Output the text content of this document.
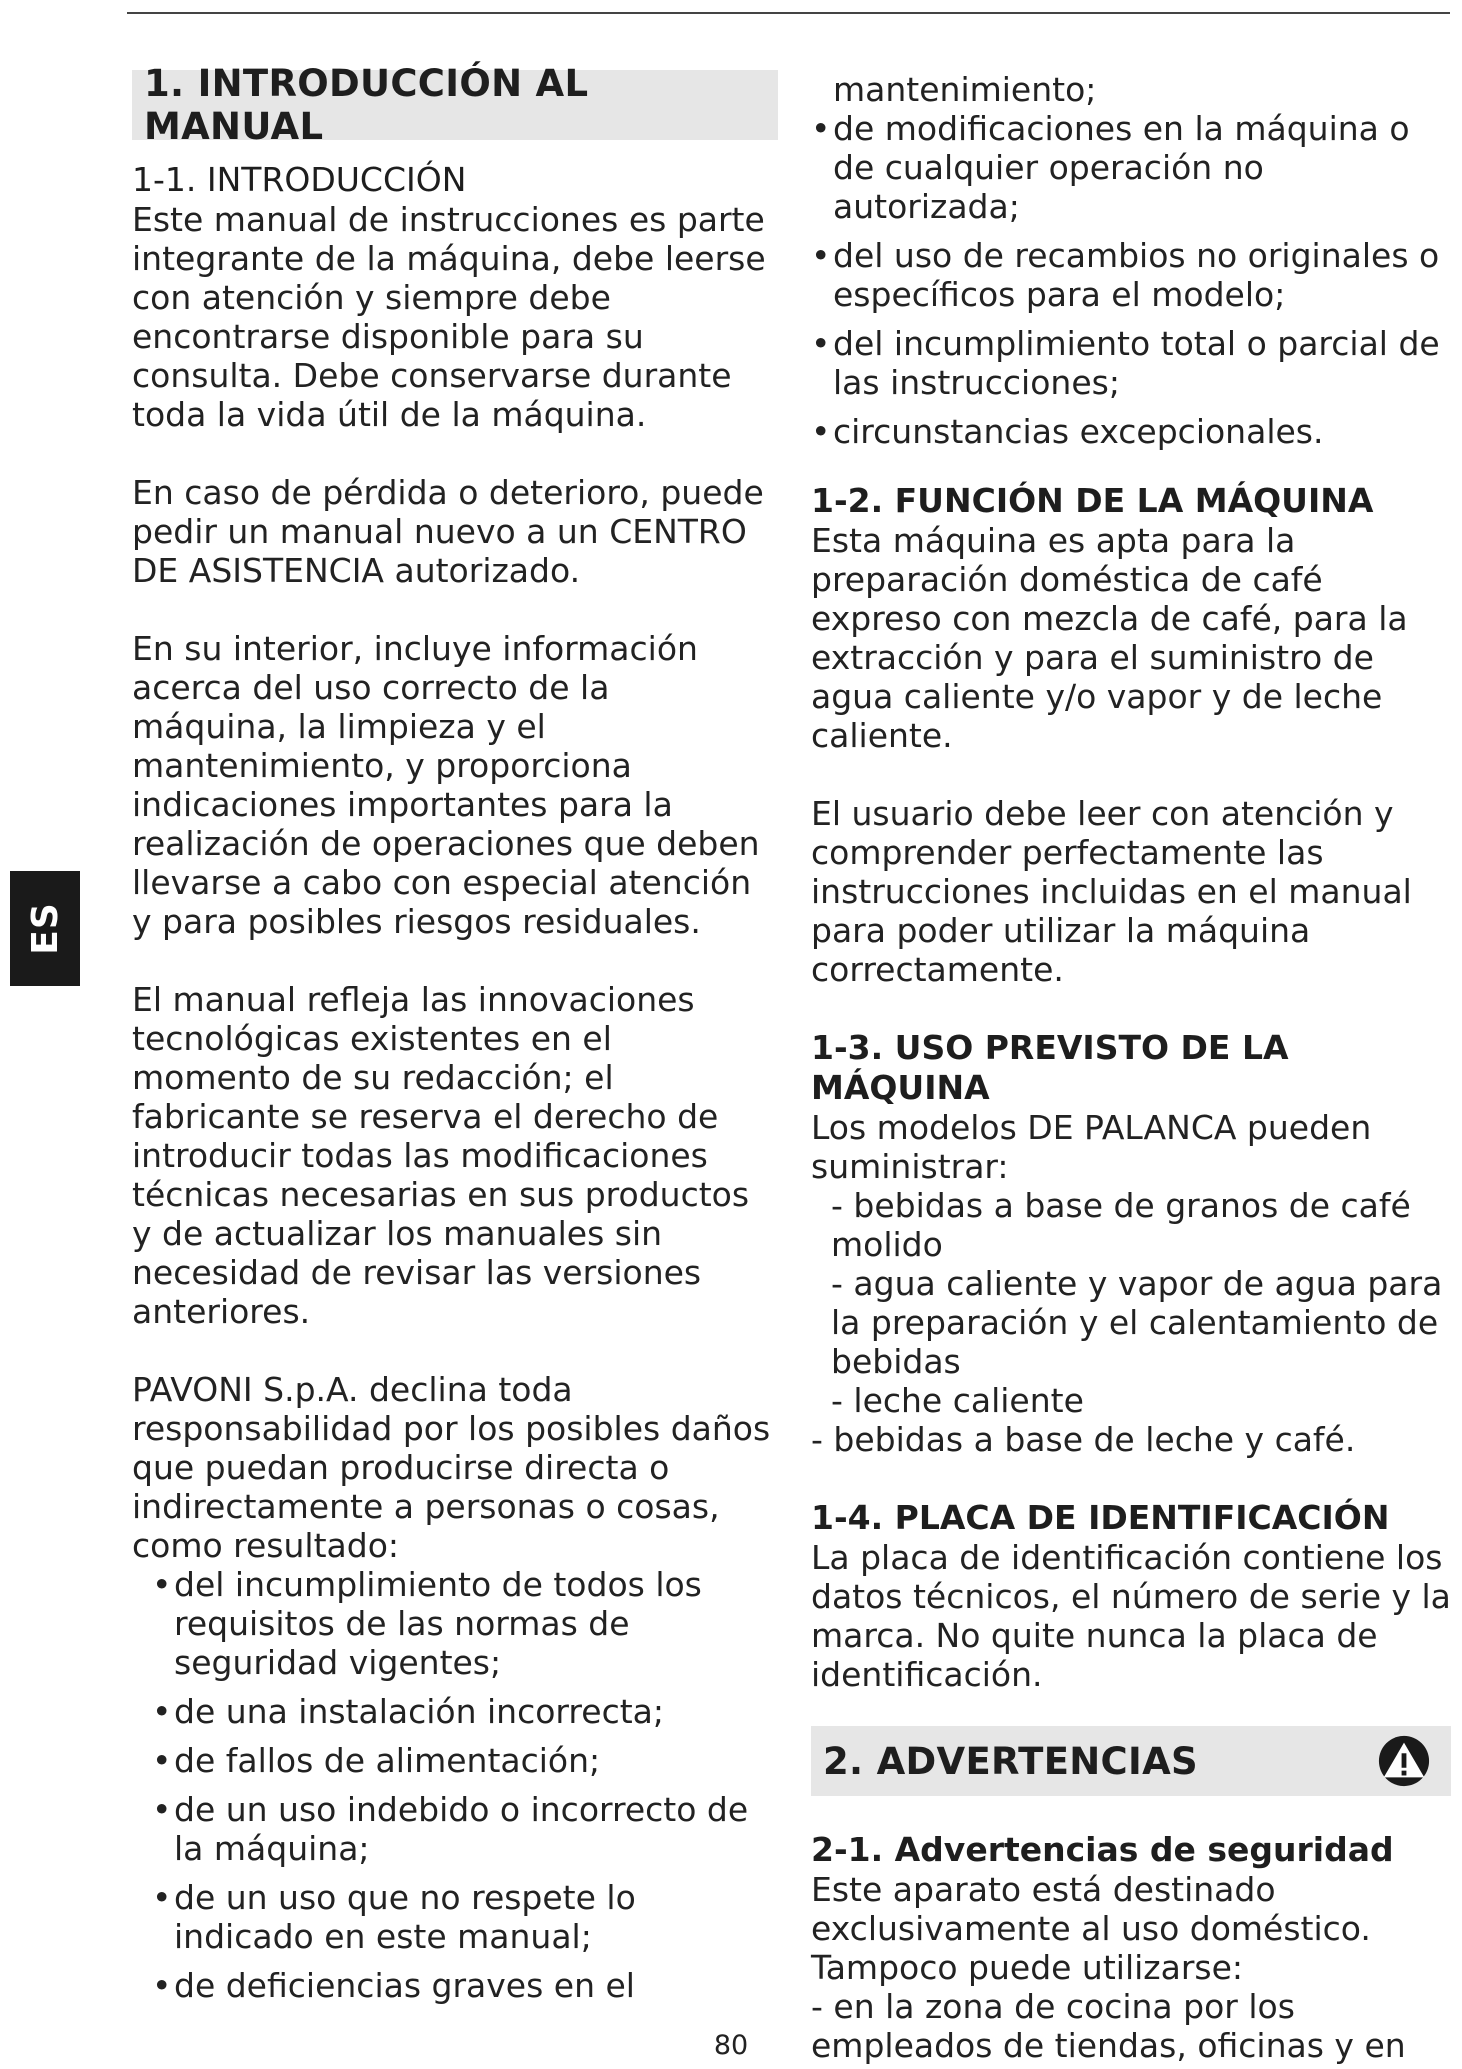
ES
1. INTRODUCCIÓN AL MANUAL
1-1. INTRODUCCIÓN

Este manual de instrucciones es parte integrante de la máquina, debe leerse con atención y siempre debe encontrarse disponible para su consulta. Debe conservarse durante toda la vida útil de la máquina.

En caso de pérdida o deterioro, puede pedir un manual nuevo a un CENTRO DE ASISTENCIA autorizado.

En su interior, incluye información acerca del uso correcto de la máquina, la limpieza y el mantenimiento, y proporciona indicaciones importantes para la realización de operaciones que deben llevarse a cabo con especial atención y para posibles riesgos residuales.

El manual refleja las innovaciones tecnológicas existentes en el momento de su redacción; el fabricante se reserva el derecho de introducir todas las modificaciones técnicas necesarias en sus productos y de actualizar los manuales sin necesidad de revisar las versiones anteriores.

PAVONI S.p.A. declina toda responsabilidad por los posibles daños que puedan producirse directa o indirectamente a personas o cosas, como resultado:

• del incumplimiento de todos los requisitos de las normas de seguridad vigentes;
• de una instalación incorrecta;
• de fallos de alimentación;
• de un uso indebido o incorrecto de la máquina;
• de un uso que no respete lo indicado en este manual;
• de deficiencias graves en el

mantenimiento;

• de modificaciones en la máquina o de cualquier operación no autorizada;
• del uso de recambios no originales o específicos para el modelo;
• del incumplimiento total o parcial de las instrucciones;
• circunstancias excepcionales.
1-2. FUNCIÓN DE LA MÁQUINA

Esta máquina es apta para la preparación doméstica de café expreso con mezcla de café, para la extracción y para el suministro de agua caliente y/o vapor y de leche caliente.

El usuario debe leer con atención y comprender perfectamente las instrucciones incluidas en el manual para poder utilizar la máquina correctamente.

1-3. USO PREVISTO DE LA MÁQUINA

Los modelos DE PALANCA pueden suministrar:

- bebidas a base de granos de café molido

- agua caliente y vapor de agua para la preparación y el calentamiento de bebidas

- leche caliente

- bebidas a base de leche y café.

1-4. PLACA DE IDENTIFICACIÓN

La placa de identificación contiene los datos técnicos, el número de serie y la marca. No quite nunca la placa de identificación.

2. ADVERTENCIAS
2-1. Advertencias de seguridad

Este aparato está destinado exclusivamente al uso doméstico. Tampoco puede utilizarse:

- en la zona de cocina por los empleados de tiendas, oficinas y en

80
